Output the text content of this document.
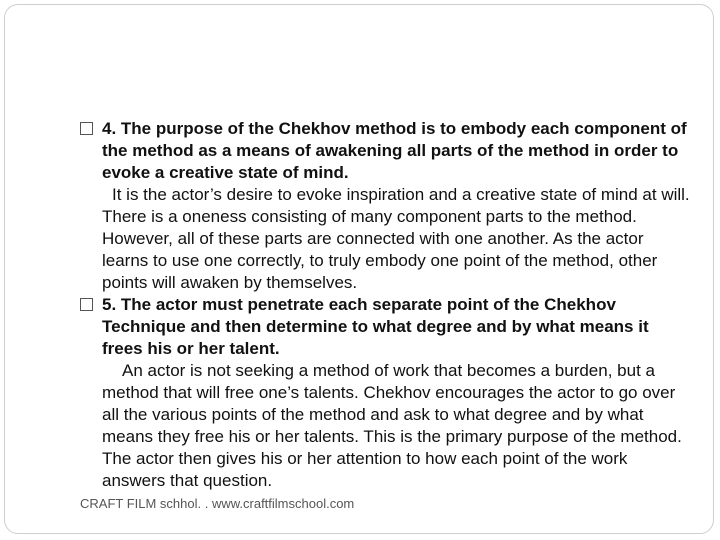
4. The purpose of the Chekhov method is to embody each component of the method as a means of awakening all parts of the method in order to evoke a creative state of mind.

It is the actor’s desire to evoke inspiration and a creative state of mind at will. There is a oneness consisting of many component parts to the method. However, all of these parts are connected with one another. As the actor learns to use one correctly, to truly embody one point of the method, other points will awaken by themselves.

5. The actor must penetrate each separate point of the Chekhov Technique and then determine to what degree and by what means it frees his or her talent.

An actor is not seeking a method of work that becomes a burden, but a method that will free one’s talents. Chekhov encourages the actor to go over all the various points of the method and ask to what degree and by what means they free his or her talents. This is the primary purpose of the method. The actor then gives his or her attention to how each point of the work answers that question.

CRAFT FILM schhol. . www.craftfilmschool.com
